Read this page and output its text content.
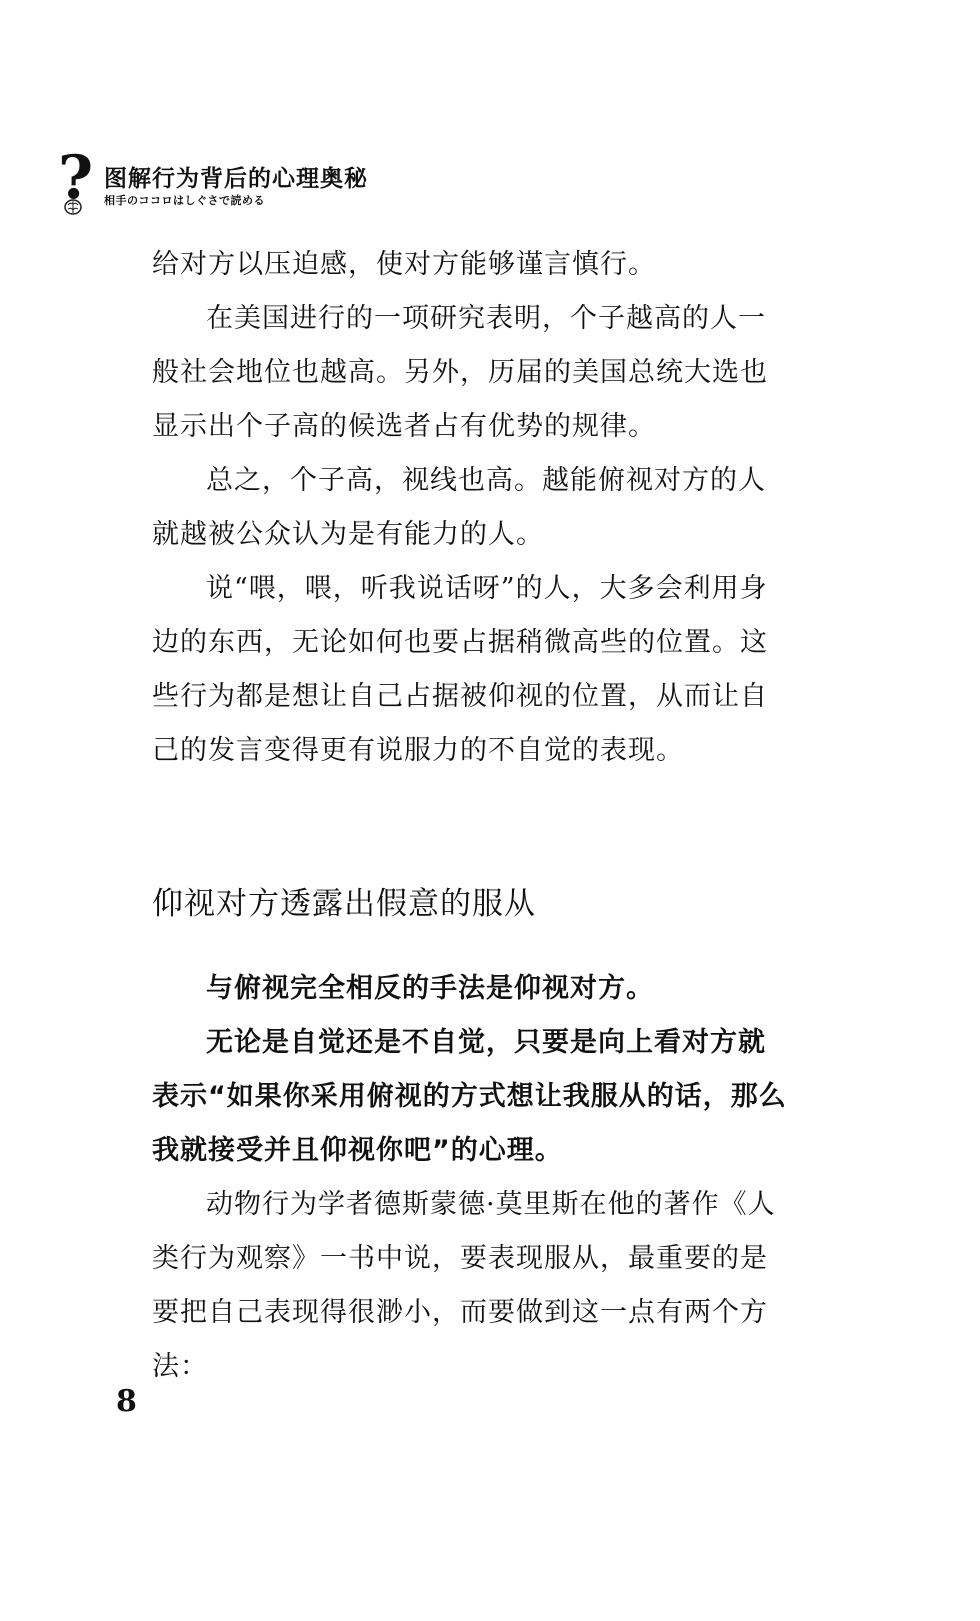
? 图解行为背后的心理奥秘
相手のココロはしぐさで読める

给对方以压迫感，使对方能够谨言慎行。

在美国进行的一项研究表明，个子越高的人一般社会地位也越高。另外，历届的美国总统大选也显示出个子高的候选者占有优势的规律。

总之，个子高，视线也高。越能俯视对方的人就越被公众认为是有能力的人。

说“喂，喂，听我说话呀”的人，大多会利用身边的东西，无论如何也要占据稍微高些的位置。这些行为都是想让自己占据被仰视的位置，从而让自己的发言变得更有说服力的不自觉的表现。

仰视对方透露出假意的服从

与俯视完全相反的手法是仰视对方。

无论是自觉还是不自觉，只要是向上看对方就表示“如果你采用俯视的方式想让我服从的话，那么我就接受并且仰视你吧”的心理。

动物行为学者德斯蒙德·莫里斯在他的著作《人类行为观察》一书中说，要表现服从，最重要的是要把自己表现得很渺小，而要做到这一点有两个方法：

8
